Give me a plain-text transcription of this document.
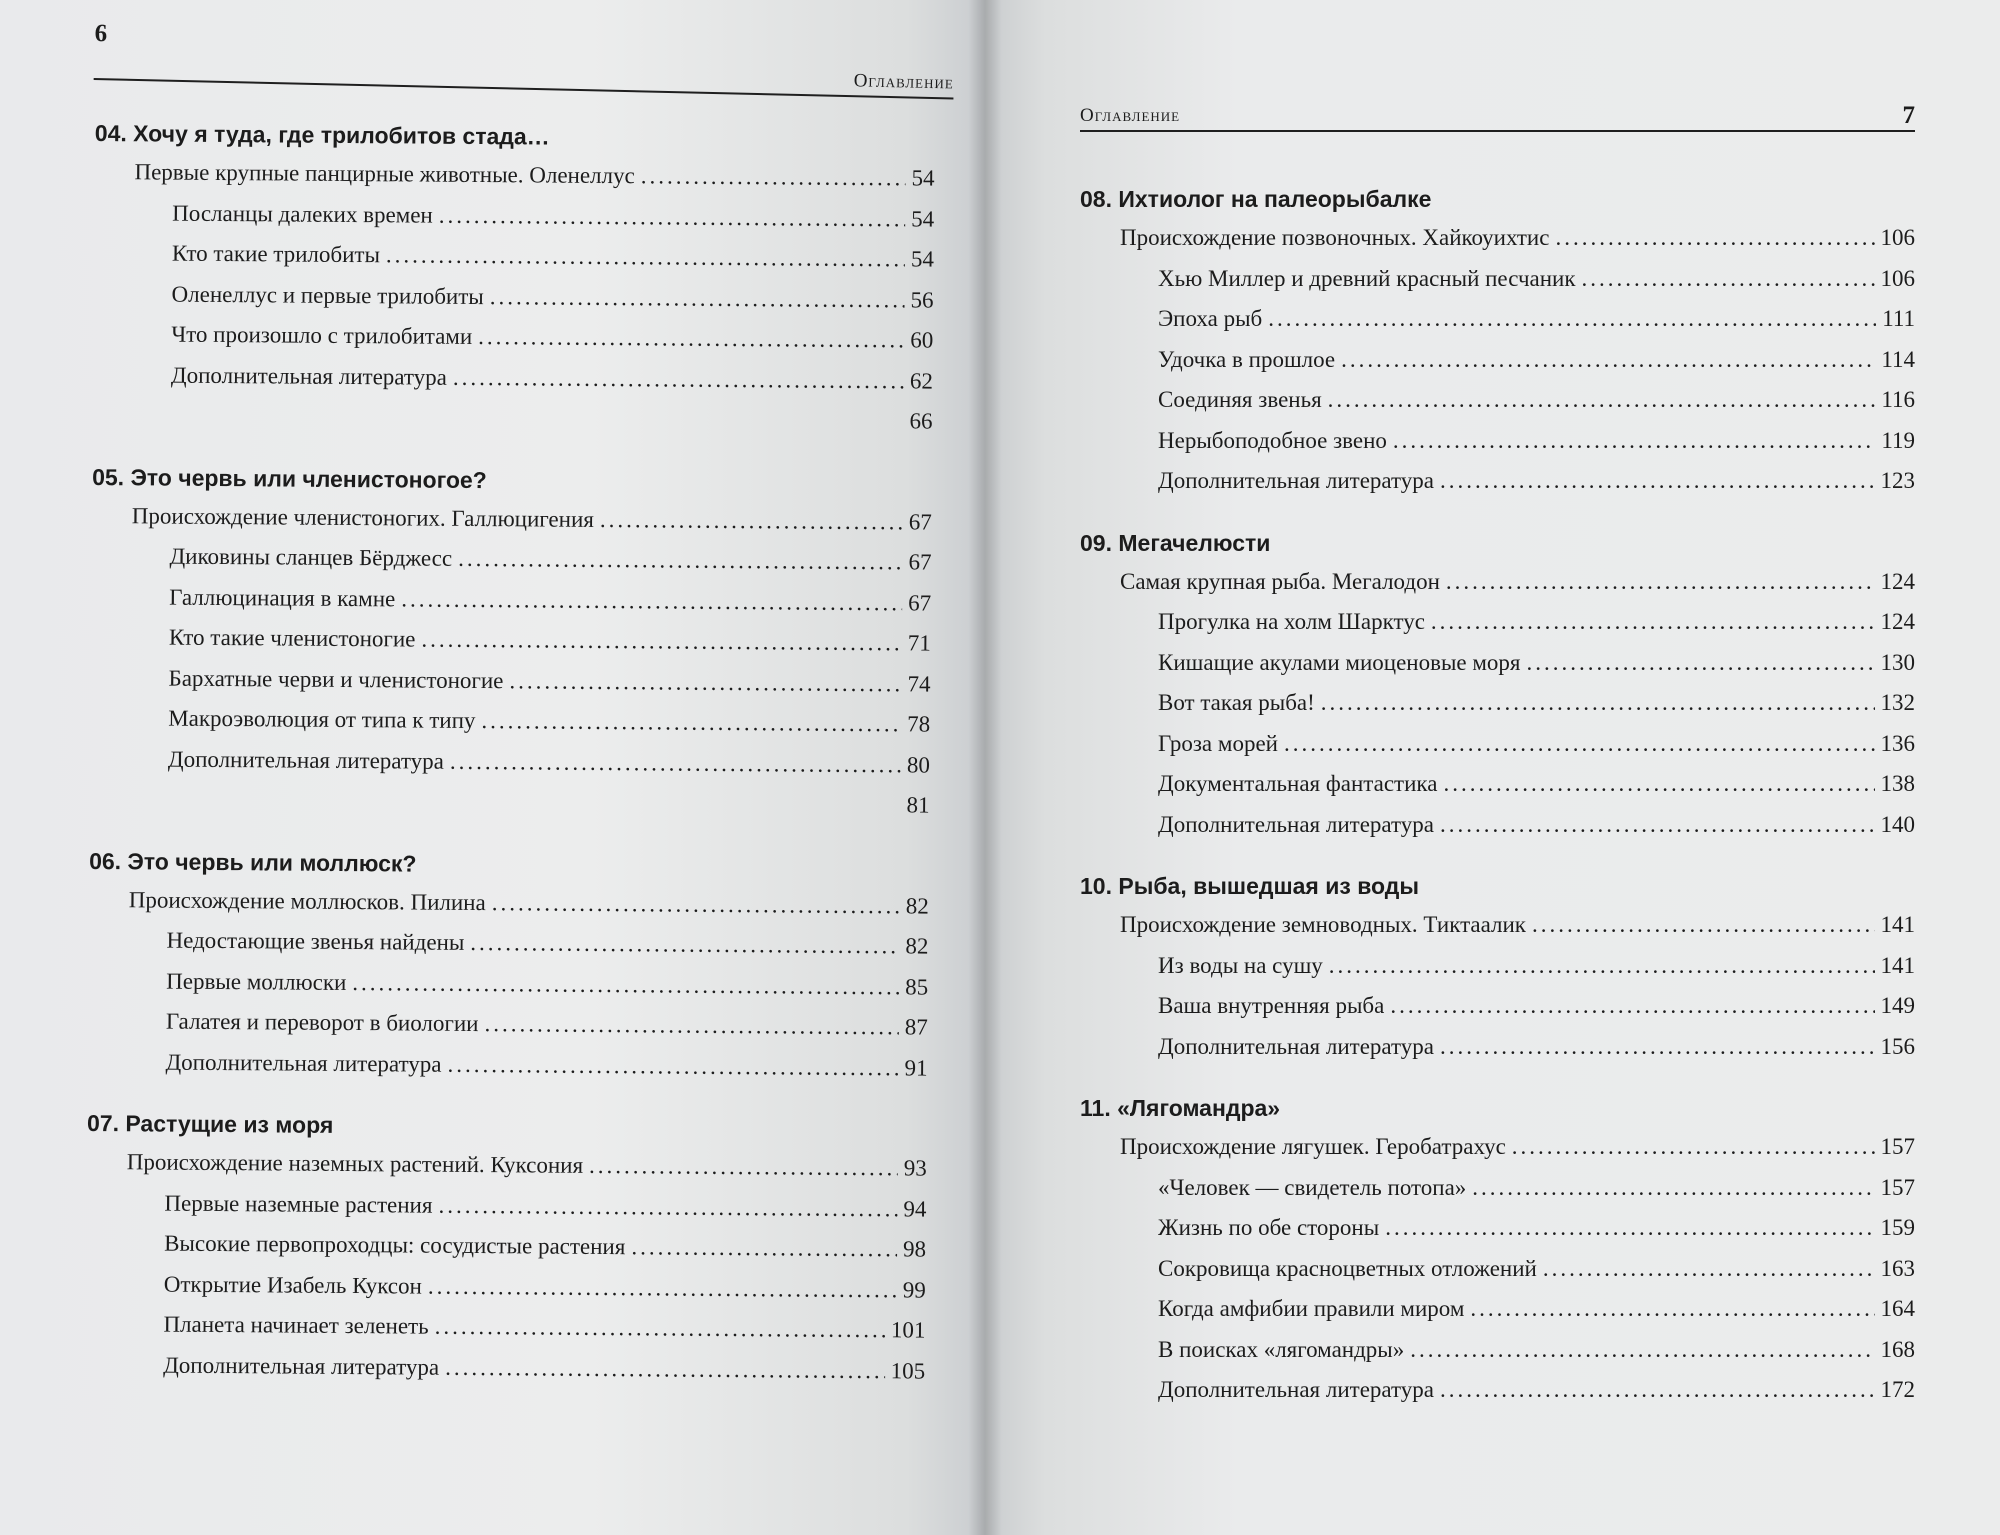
6
Оглавление
04. Хочу я туда, где трилобитов стада…
Первые крупные панцирные животные. Оленеллус .....	54
Посланцы далеких времен .....	54
Кто такие трилобиты .....	54
Оленеллус и первые трилобиты .....	56
Что произошло с трилобитами .....	60
Дополнительная литература .....	62
66
05. Это червь или членистоногое?
Происхождение членистоногих. Галлюцигения .....	67
Диковины сланцев Бёрджесс .....	67
Галлюцинация в камне .....	67
Кто такие членистоногие .....	71
Бархатные черви и членистоногие .....	74
Макроэволюция от типа к типу .....	78
Дополнительная литература .....	80
81
06. Это червь или моллюск?
Происхождение моллюсков. Пилина .....	82
Недостающие звенья найдены .....	82
Первые моллюски .....	85
Галатея и переворот в биологии .....	87
Дополнительная литература .....	91
07. Растущие из моря
Происхождение наземных растений. Куксония .....	93
Первые наземные растения .....	94
Высокие первопроходцы: сосудистые растения .....	98
Открытие Изабель Куксон .....	99
Планета начинает зеленеть .....	101
Дополнительная литература .....	105
Оглавление	7
08. Ихтиолог на палеорыбалке
Происхождение позвоночных. Хайкоуихтис .....	106
Хью Миллер и древний красный песчаник .....	106
Эпоха рыб .....	111
Удочка в прошлое .....	114
Соединяя звенья .....	116
Нерыбоподобное звено .....	119
Дополнительная литература .....	123
09. Мегачелюсти
Самая крупная рыба. Мегалодон .....	124
Прогулка на холм Шарктус .....	124
Кишащие акулами миоценовые моря .....	130
Вот такая рыба! .....	132
Гроза морей .....	136
Документальная фантастика .....	138
Дополнительная литература .....	140
10. Рыба, вышедшая из воды
Происхождение земноводных. Тиктаалик .....	141
Из воды на сушу .....	141
Ваша внутренняя рыба .....	149
Дополнительная литература .....	156
11. «Лягомандра»
Происхождение лягушек. Геробатрахус .....	157
«Человек — свидетель потопа» .....	157
Жизнь по обе стороны .....	159
Сокровища красноцветных отложений .....	163
Когда амфибии правили миром .....	164
В поисках «лягомандры» .....	168
Дополнительная литература .....	172
